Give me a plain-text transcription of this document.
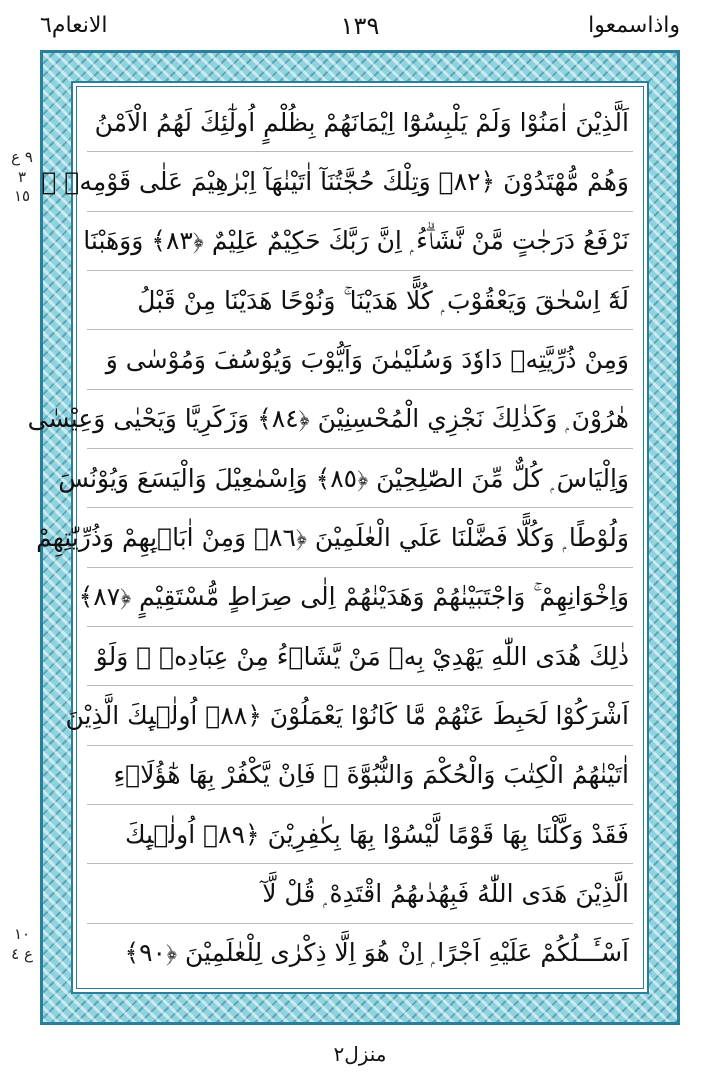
واذاسمعوا
١٣٩
الانعام٦
٩ ع ٣ ١٥
١٠ ع ٤
اَلَّذِيْنَ اٰمَنُوْا وَلَمْ يَلْبِسُوْٓا اِيْمَانَهُمْ بِظُلْمٍ اُولٰٓئِكَ لَهُمُ الْاَمْنُ
وَهُمْ مُّهْتَدُوْنَ ﴿٨٢﴾ وَتِلْكَ حُجَّتُنَآ اٰتَيْنٰهَآ اِبْرٰهِيْمَ عَلٰى قَوْمِهٖ ۭ
نَرْفَعُ دَرَجٰتٍ مَّنْ نَّشَاۗءُ ۭ اِنَّ رَبَّكَ حَكِيْمٌ عَلِيْمٌ ﴿٨٣﴾ وَوَهَبْنَا
لَهٗٓ اِسْحٰقَ وَيَعْقُوْبَ ۭ كُلًّا هَدَيْنَا ۚ وَنُوْحًا هَدَيْنَا مِنْ قَبْلُ
وَمِنْ ذُرِّيَّتِهٖ دَاوٗدَ وَسُلَيْمٰنَ وَاَيُّوْبَ وَيُوْسُفَ وَمُوْسٰى وَ
هٰرُوْنَ ۭ وَكَذٰلِكَ نَجْزِي الْمُحْسِنِيْنَ ﴿٨٤﴾ وَزَكَرِيَّا وَيَحْيٰى وَعِيْسٰى
وَاِلْيَاسَ ۭ كُلٌّ مِّنَ الصّٰلِحِيْنَ ﴿٨٥﴾ وَاِسْمٰعِيْلَ وَالْيَسَعَ وَيُوْنُسَ
وَلُوْطًا ۭ وَكُلًّا فَضَّلْنَا عَلَي الْعٰلَمِيْنَ ﴿٨٦﴾ وَمِنْ اٰبَاۗىِٕهِمْ وَذُرِّيّٰتِهِمْ
وَاِخْوَانِهِمْ ۚ وَاجْتَبَيْنٰهُمْ وَهَدَيْنٰهُمْ اِلٰى صِرَاطٍ مُّسْتَقِيْمٍ ﴿٨٧﴾
ذٰلِكَ هُدَى اللّٰهِ يَهْدِيْ بِهٖ مَنْ يَّشَاۗءُ مِنْ عِبَادِهٖ ۭ وَلَوْ
اَشْرَكُوْا لَحَبِطَ عَنْهُمْ مَّا كَانُوْا يَعْمَلُوْنَ ﴿٨٨﴾ اُولٰۗىِٕكَ الَّذِيْنَ
اٰتَيْنٰهُمُ الْكِتٰبَ وَالْحُكْمَ وَالنُّبُوَّةَ ۚ فَاِنْ يَّكْفُرْ بِهَا هٰٓؤُلَاۗءِ
فَقَدْ وَكَّلْنَا بِهَا قَوْمًا لَّيْسُوْا بِهَا بِكٰفِرِيْنَ ﴿٨٩﴾ اُولٰۗىِٕكَ
الَّذِيْنَ هَدَى اللّٰهُ فَبِهُدٰىهُمُ اقْتَدِهْ ۭ قُلْ لَّآ
اَسْـَٔــلُكُمْ عَلَيْهِ اَجْرًا ۭ اِنْ هُوَ اِلَّا ذِكْرٰى لِلْعٰلَمِيْنَ ﴿٩٠﴾
منزل٢
